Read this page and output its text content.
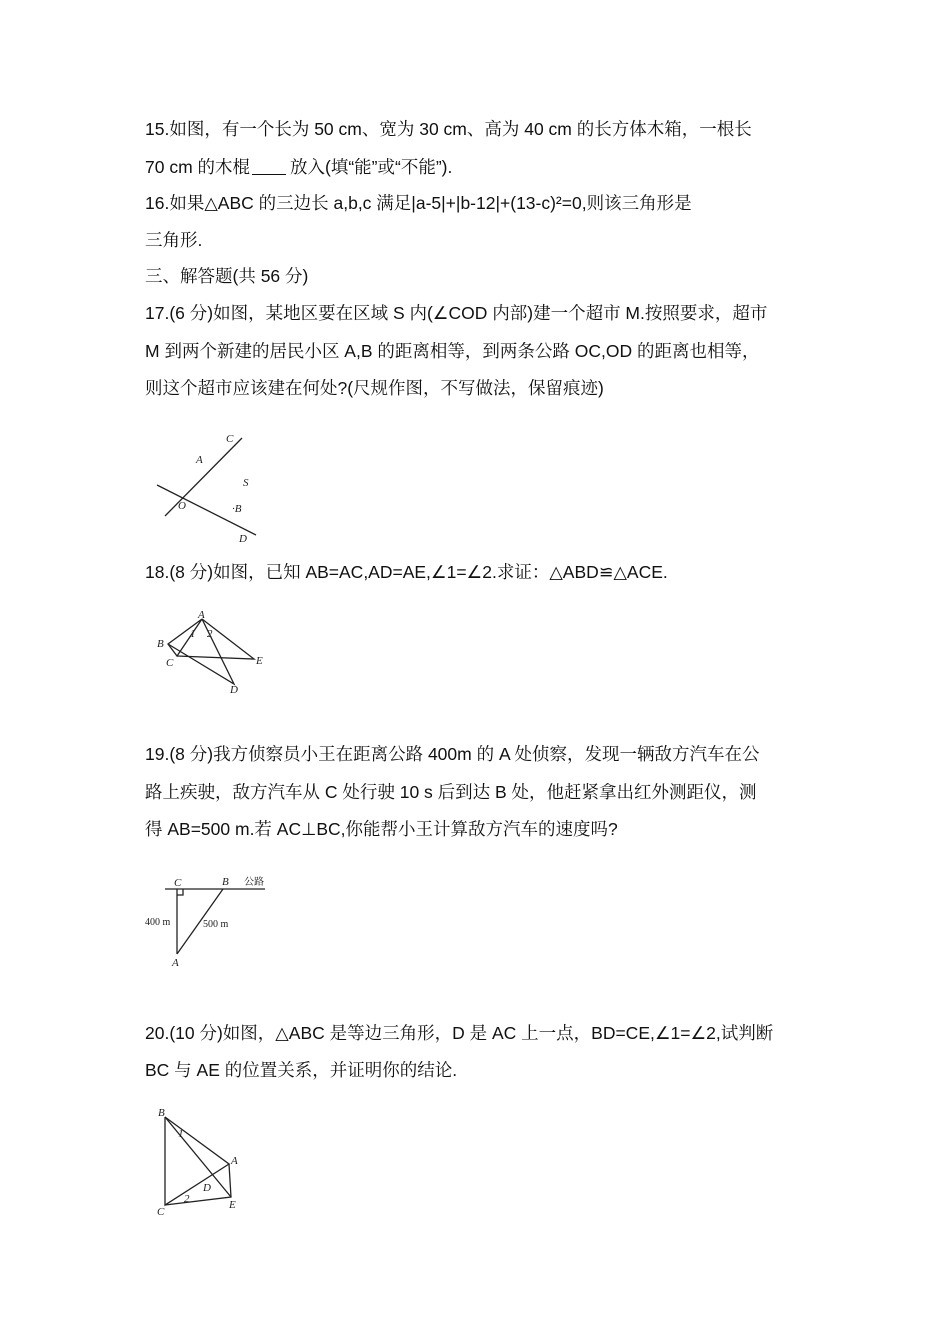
15.如图，有一个长为 50 cm、宽为 30 cm、高为 40 cm 的长方体木箱，一根长
70 cm 的木棍 放入(填“能”或“不能”).
16.如果△ABC 的三边长 a,b,c 满足|a-5|+|b-12|+(13-c)²=0,则该三角形是
三角形.
三、解答题(共 56 分)
17.(6 分)如图，某地区要在区域 S 内(∠COD 内部)建一个超市 M.按照要求，超市
M 到两个新建的居民小区 A,B 的距离相等，到两条公路 OC,OD 的距离也相等，
则这个超市应该建在何处?(尺规作图，不写做法，保留痕迹)
C
A
S
O	·B
D
18.(8 分)如图，已知 AB=AC,AD=AE,∠1=∠2.求证：△ABD≌△ACE.
A
1 2
B
C	E
D
19.(8 分)我方侦察员小王在距离公路 400m 的 A 处侦察，发现一辆敌方汽车在公
路上疾驶，敌方汽车从 C 处行驶 10 s 后到达 B 处，他赶紧拿出红外测距仪，测
得 AB=500 m.若 AC⊥BC,你能帮小王计算敌方汽车的速度吗?
C	B 公路
400 m	500 m
A
20.(10 分)如图，△ABC 是等边三角形，D 是 AC 上一点，BD=CE,∠1=∠2,试判断
BC 与 AE 的位置关系，并证明你的结论.
B
1
A
D
2
C
E
